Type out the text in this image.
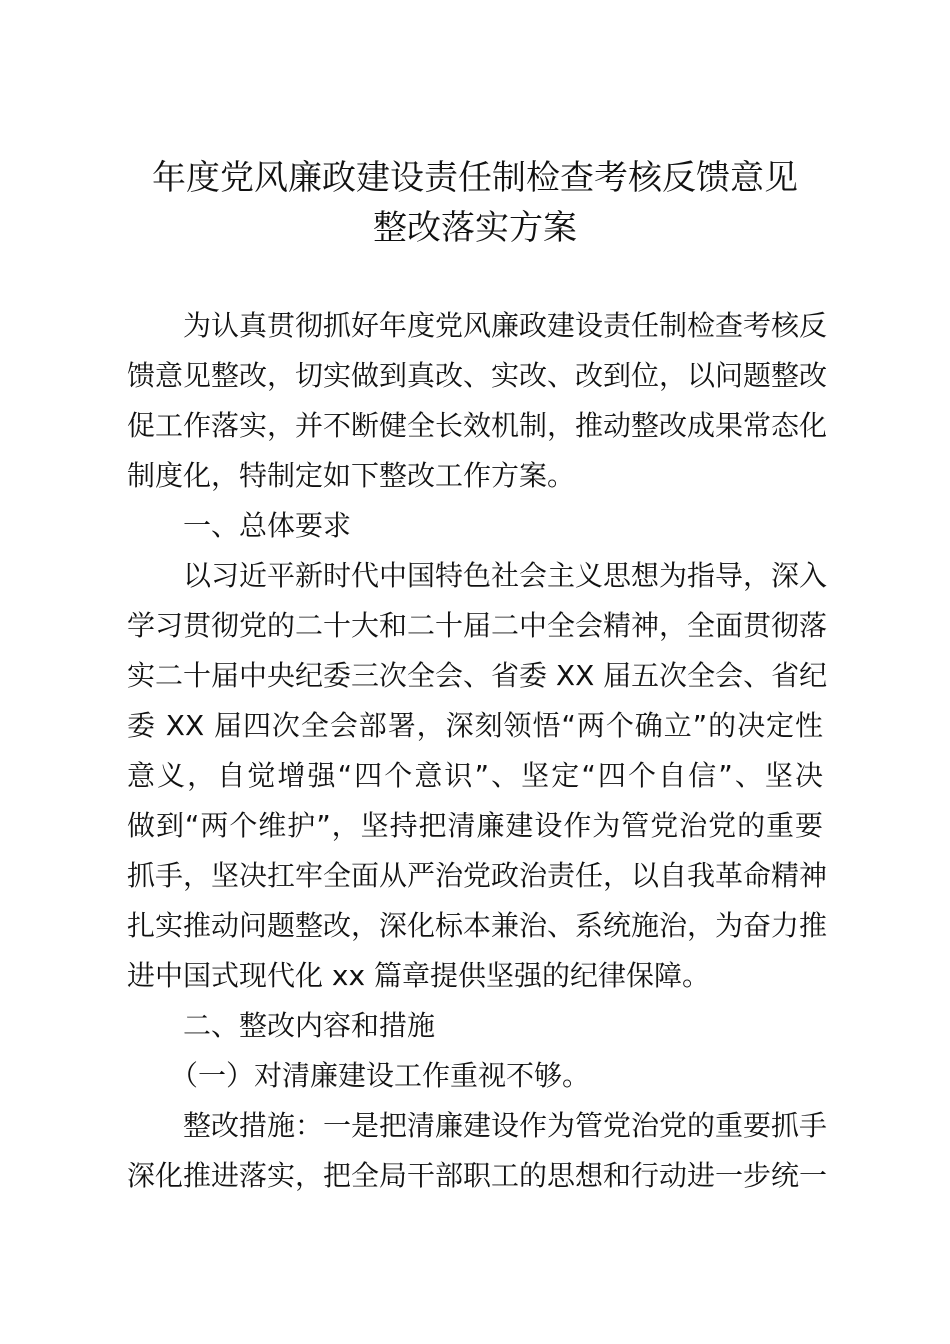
年度党风廉政建设责任制检查考核反馈意见
整改落实方案
为认真贯彻抓好年度党风廉政建设责任制检查考核反
馈意见整改，切实做到真改、实改、改到位，以问题整改
促工作落实，并不断健全长效机制，推动整改成果常态化
制度化，特制定如下整改工作方案。
一、总体要求
以习近平新时代中国特色社会主义思想为指导，深入
学习贯彻党的二十大和二十届二中全会精神，全面贯彻落
实二十届中央纪委三次全会、省委 XX 届五次全会、省纪
委 XX 届四次全会部署，深刻领悟“两个确立”的决定性
意义，自觉增强“四个意识”、坚定“四个自信”、坚决
做到“两个维护”，坚持把清廉建设作为管党治党的重要
抓手，坚决扛牢全面从严治党政治责任，以自我革命精神
扎实推动问题整改，深化标本兼治、系统施治，为奋力推
进中国式现代化 xx 篇章提供坚强的纪律保障。
二、整改内容和措施
（一）对清廉建设工作重视不够。
整改措施：一是把清廉建设作为管党治党的重要抓手
深化推进落实，把全局干部职工的思想和行动进一步统一
